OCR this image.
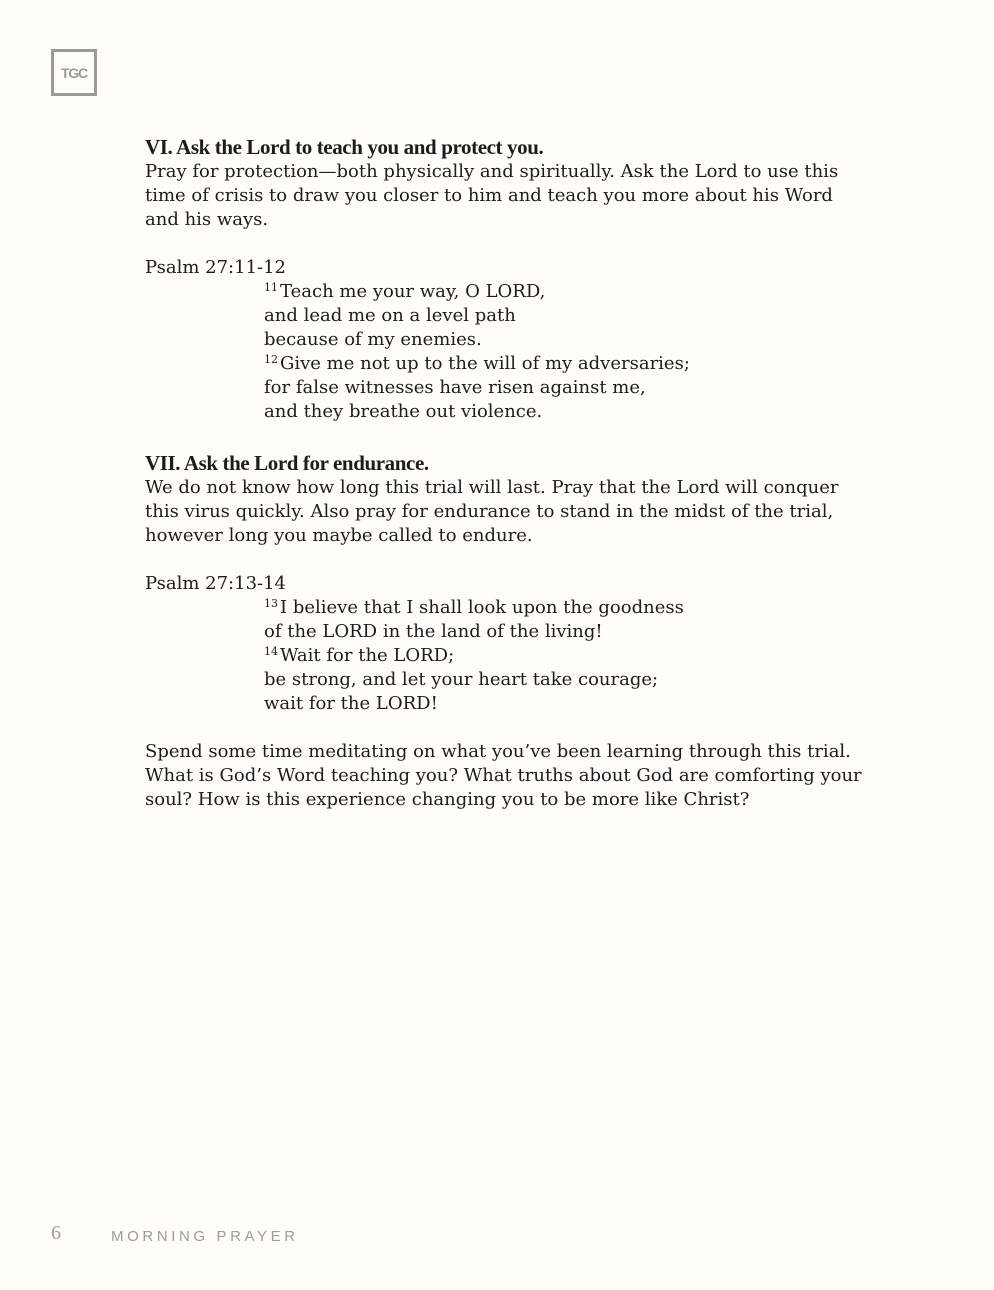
TGC

VI. Ask the Lord to teach you and protect you.

Pray for protection—both physically and spiritually. Ask the Lord to use this time of crisis to draw you closer to him and teach you more about his Word and his ways.

Psalm 27:11-12

$^{11}$ Teach me your way, O LORD,
and lead me on a level path
because of my enemies.
$^{12}$ Give me not up to the will of my adversaries;
for false witnesses have risen against me,
and they breathe out violence.

VII. Ask the Lord for endurance.

We do not know how long this trial will last. Pray that the Lord will conquer this virus quickly. Also pray for endurance to stand in the midst of the trial, however long you maybe called to endure.

Psalm 27:13-14

$^{13}$ I believe that I shall look upon the goodness
of the LORD in the land of the living!
$^{14}$ Wait for the LORD;
be strong, and let your heart take courage;
wait for the LORD!

Spend some time meditating on what you’ve been learning through this trial. What is God’s Word teaching you? What truths about God are comforting your soul? How is this experience changing you to be more like Christ?

6	MORNING PRAYER
